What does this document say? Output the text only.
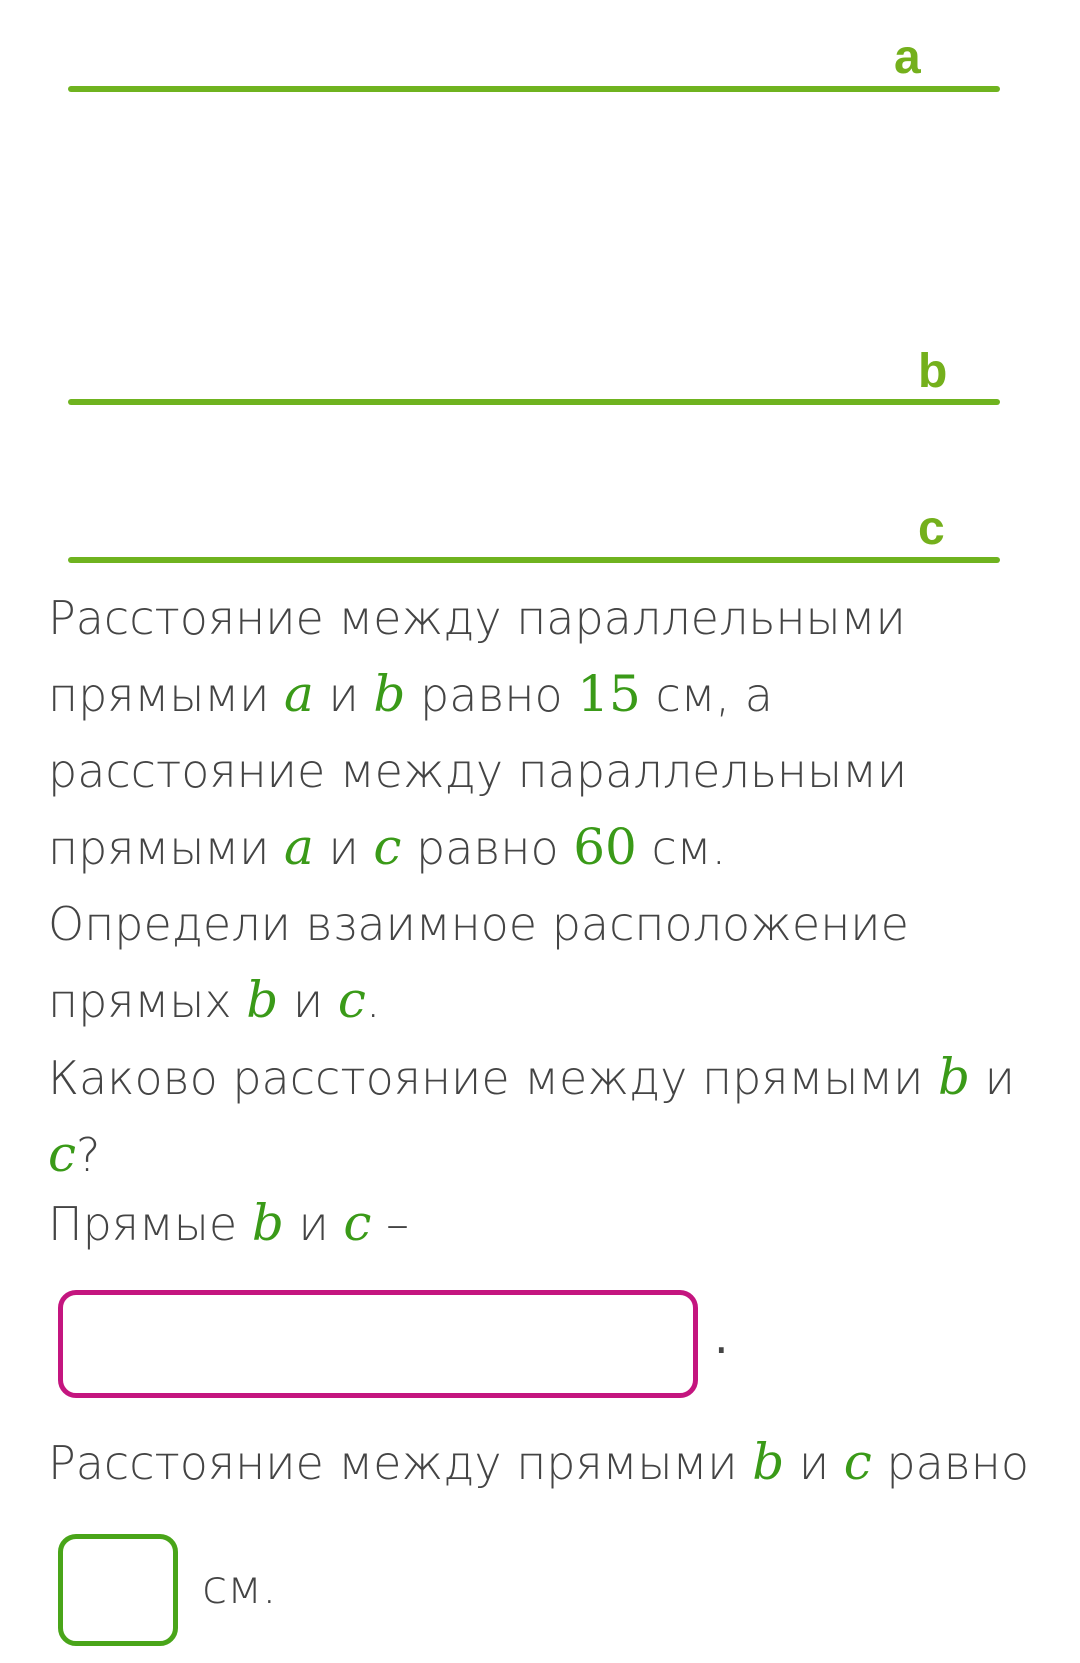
a
b
c

Расстояние между параллельными прямыми a и b равно 15 см, а расстояние между параллельными прямыми a и c равно 60 см.

Определи взаимное расположение прямых b и c.

Каково расстояние между прямыми b и c?

Прямые b и c –

.

Расстояние между прямыми b и c равно

см.
